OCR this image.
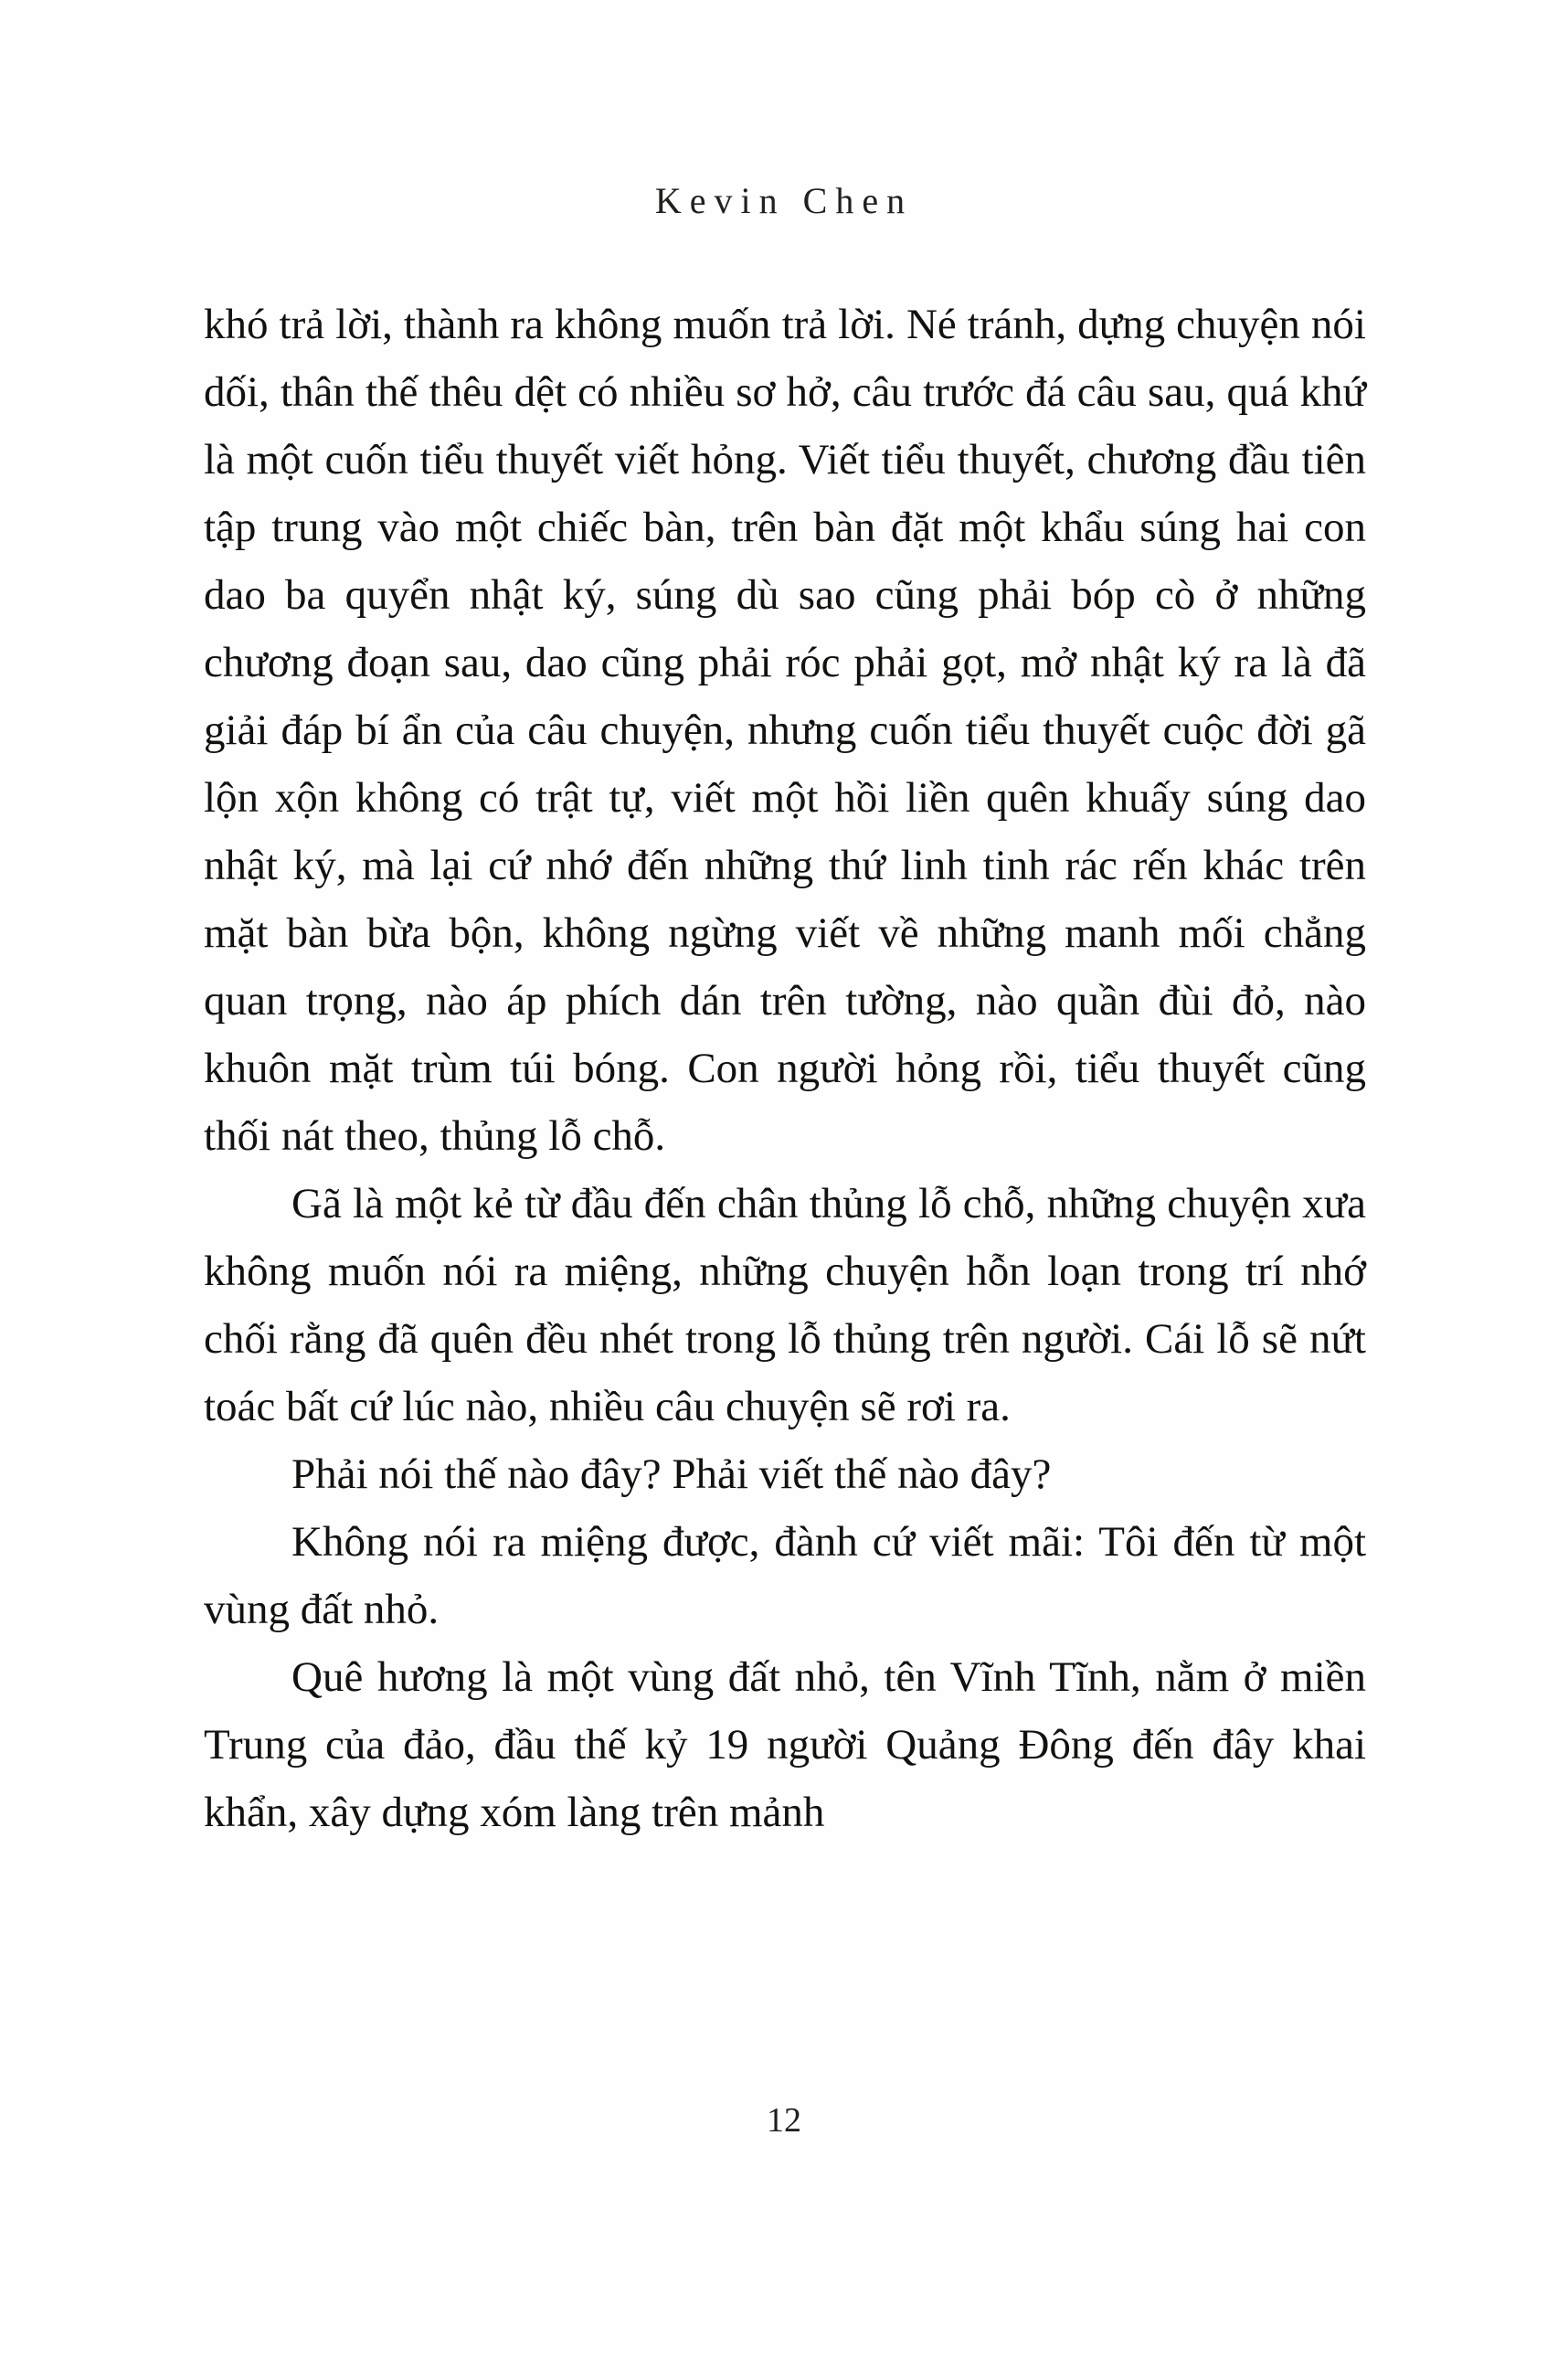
Kevin Chen

khó trả lời, thành ra không muốn trả lời. Né tránh, dựng chuyện nói dối, thân thế thêu dệt có nhiều sơ hở, câu trước đá câu sau, quá khứ là một cuốn tiểu thuyết viết hỏng. Viết tiểu thuyết, chương đầu tiên tập trung vào một chiếc bàn, trên bàn đặt một khẩu súng hai con dao ba quyển nhật ký, súng dù sao cũng phải bóp cò ở những chương đoạn sau, dao cũng phải róc phải gọt, mở nhật ký ra là đã giải đáp bí ẩn của câu chuyện, nhưng cuốn tiểu thuyết cuộc đời gã lộn xộn không có trật tự, viết một hồi liền quên khuấy súng dao nhật ký, mà lại cứ nhớ đến những thứ linh tinh rác rến khác trên mặt bàn bừa bộn, không ngừng viết về những manh mối chẳng quan trọng, nào áp phích dán trên tường, nào quần đùi đỏ, nào khuôn mặt trùm túi bóng. Con người hỏng rồi, tiểu thuyết cũng thối nát theo, thủng lỗ chỗ.

Gã là một kẻ từ đầu đến chân thủng lỗ chỗ, những chuyện xưa không muốn nói ra miệng, những chuyện hỗn loạn trong trí nhớ chối rằng đã quên đều nhét trong lỗ thủng trên người. Cái lỗ sẽ nứt toác bất cứ lúc nào, nhiều câu chuyện sẽ rơi ra.

Phải nói thế nào đây? Phải viết thế nào đây?

Không nói ra miệng được, đành cứ viết mãi: Tôi đến từ một vùng đất nhỏ.

Quê hương là một vùng đất nhỏ, tên Vĩnh Tĩnh, nằm ở miền Trung của đảo, đầu thế kỷ 19 người Quảng Đông đến đây khai khẩn, xây dựng xóm làng trên mảnh

12
